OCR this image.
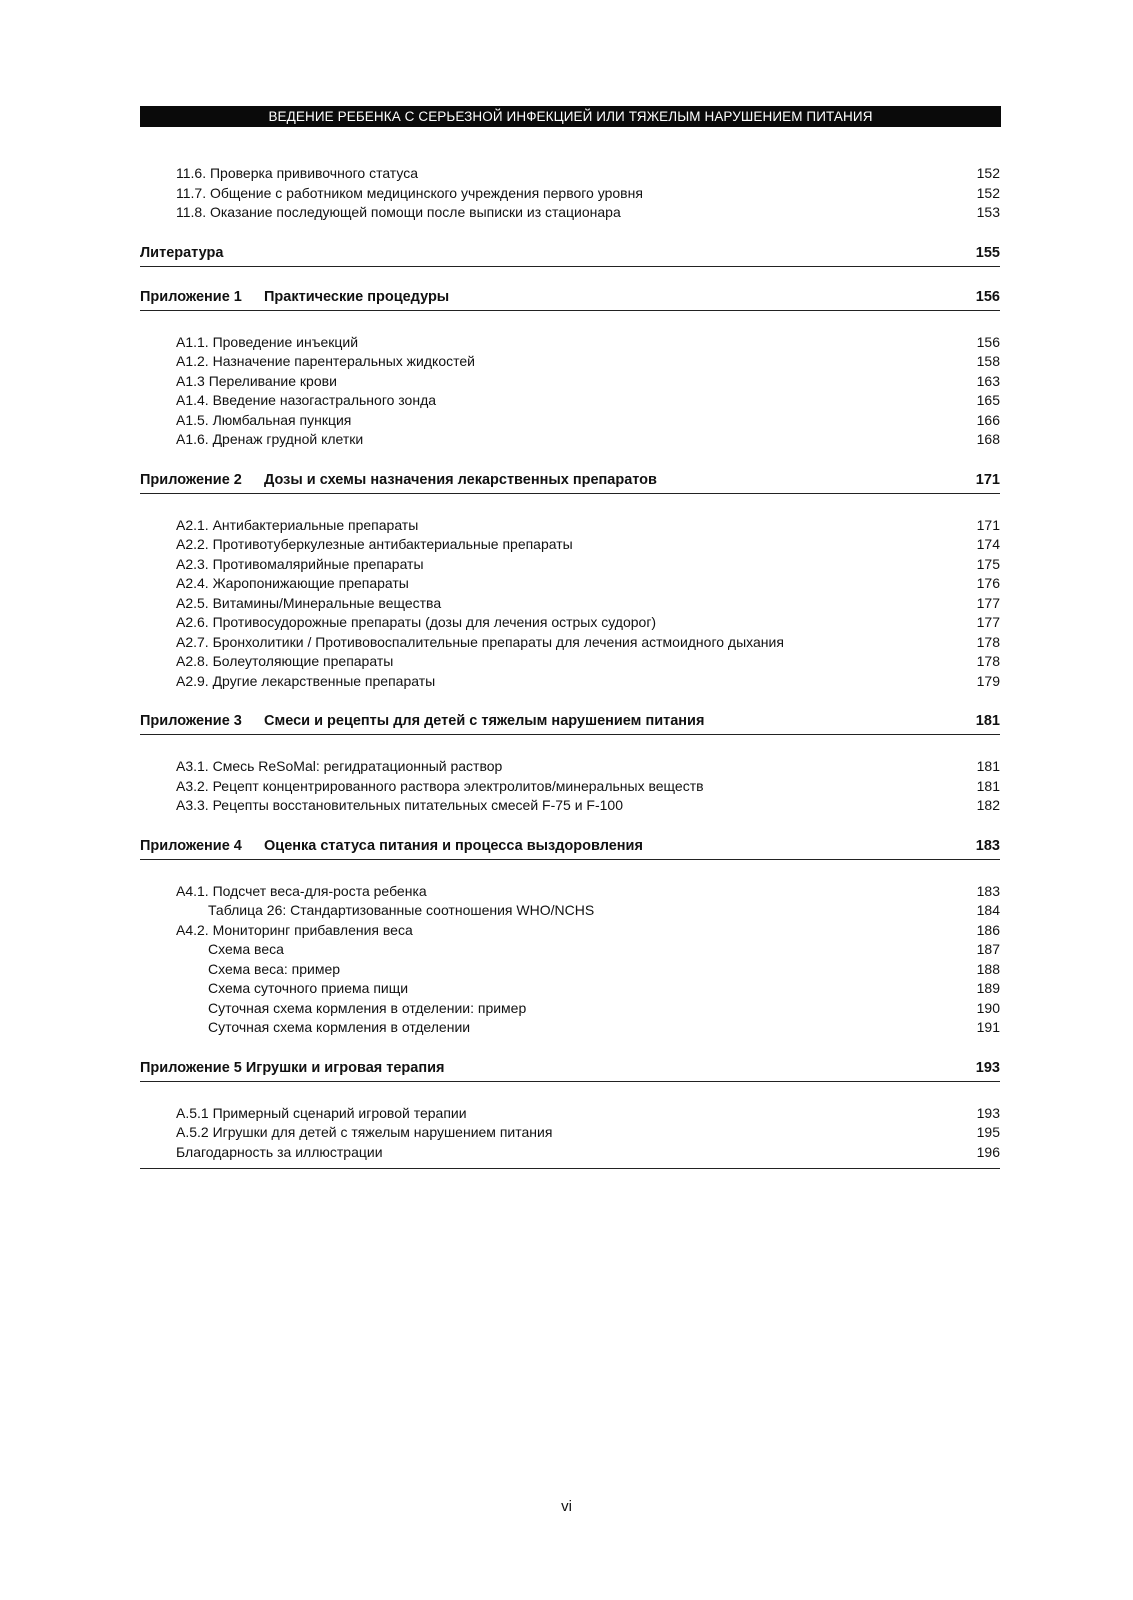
ВЕДЕНИЕ РЕБЕНКА С СЕРЬЕЗНОЙ ИНФЕКЦИЕЙ ИЛИ ТЯЖЕЛЫМ НАРУШЕНИЕМ ПИТАНИЯ
11.6. Проверка прививочного статуса	152
11.7. Общение с работником медицинского учреждения первого уровня	152
11.8. Оказание последующей помощи после выписки из стационара	153
Литература	155
Приложение 1 Практические процедуры	156
A1.1. Проведение инъекций	156
A1.2. Назначение парентеральных жидкостей	158
A1.3 Переливание крови	163
A1.4. Введение назогастрального зонда	165
A1.5. Люмбальная пункция	166
A1.6. Дренаж грудной клетки	168
Приложение 2 Дозы и схемы назначения лекарственных препаратов	171
A2.1. Антибактериальные препараты	171
A2.2. Противотуберкулезные антибактериальные препараты	174
A2.3. Противомалярийные препараты	175
A2.4. Жаропонижающие препараты	176
A2.5. Витамины/Минеральные вещества	177
A2.6. Противосудорожные препараты (дозы для лечения острых судорог)	177
A2.7. Бронхолитики / Противовоспалительные препараты для лечения астмоидного дыхания	178
A2.8. Болеутоляющие препараты	178
A2.9. Другие лекарственные препараты	179
Приложение 3 Смеси и рецепты для детей с тяжелым нарушением питания	181
A3.1. Смесь ReSoMal: регидратационный раствор	181
A3.2. Рецепт концентрированного раствора электролитов/минеральных веществ	181
A3.3. Рецепты восстановительных питательных смесей F-75 и F-100	182
Приложение 4 Оценка статуса питания и процесса выздоровления	183
A4.1. Подсчет веса-для-роста ребенка	183
Таблица 26: Стандартизованные соотношения WHO/NCHS	184
A4.2. Мониторинг прибавления веса	186
Схема веса	187
Схема веса: пример	188
Схема суточного приема пищи	189
Суточная схема кормления в отделении: пример	190
Суточная схема кормления в отделении	191
Приложение 5 Игрушки и игровая терапия	193
A.5.1 Примерный сценарий игровой терапии	193
A.5.2 Игрушки для детей с тяжелым нарушением питания	195
Благодарность за иллюстрации	196
vi
